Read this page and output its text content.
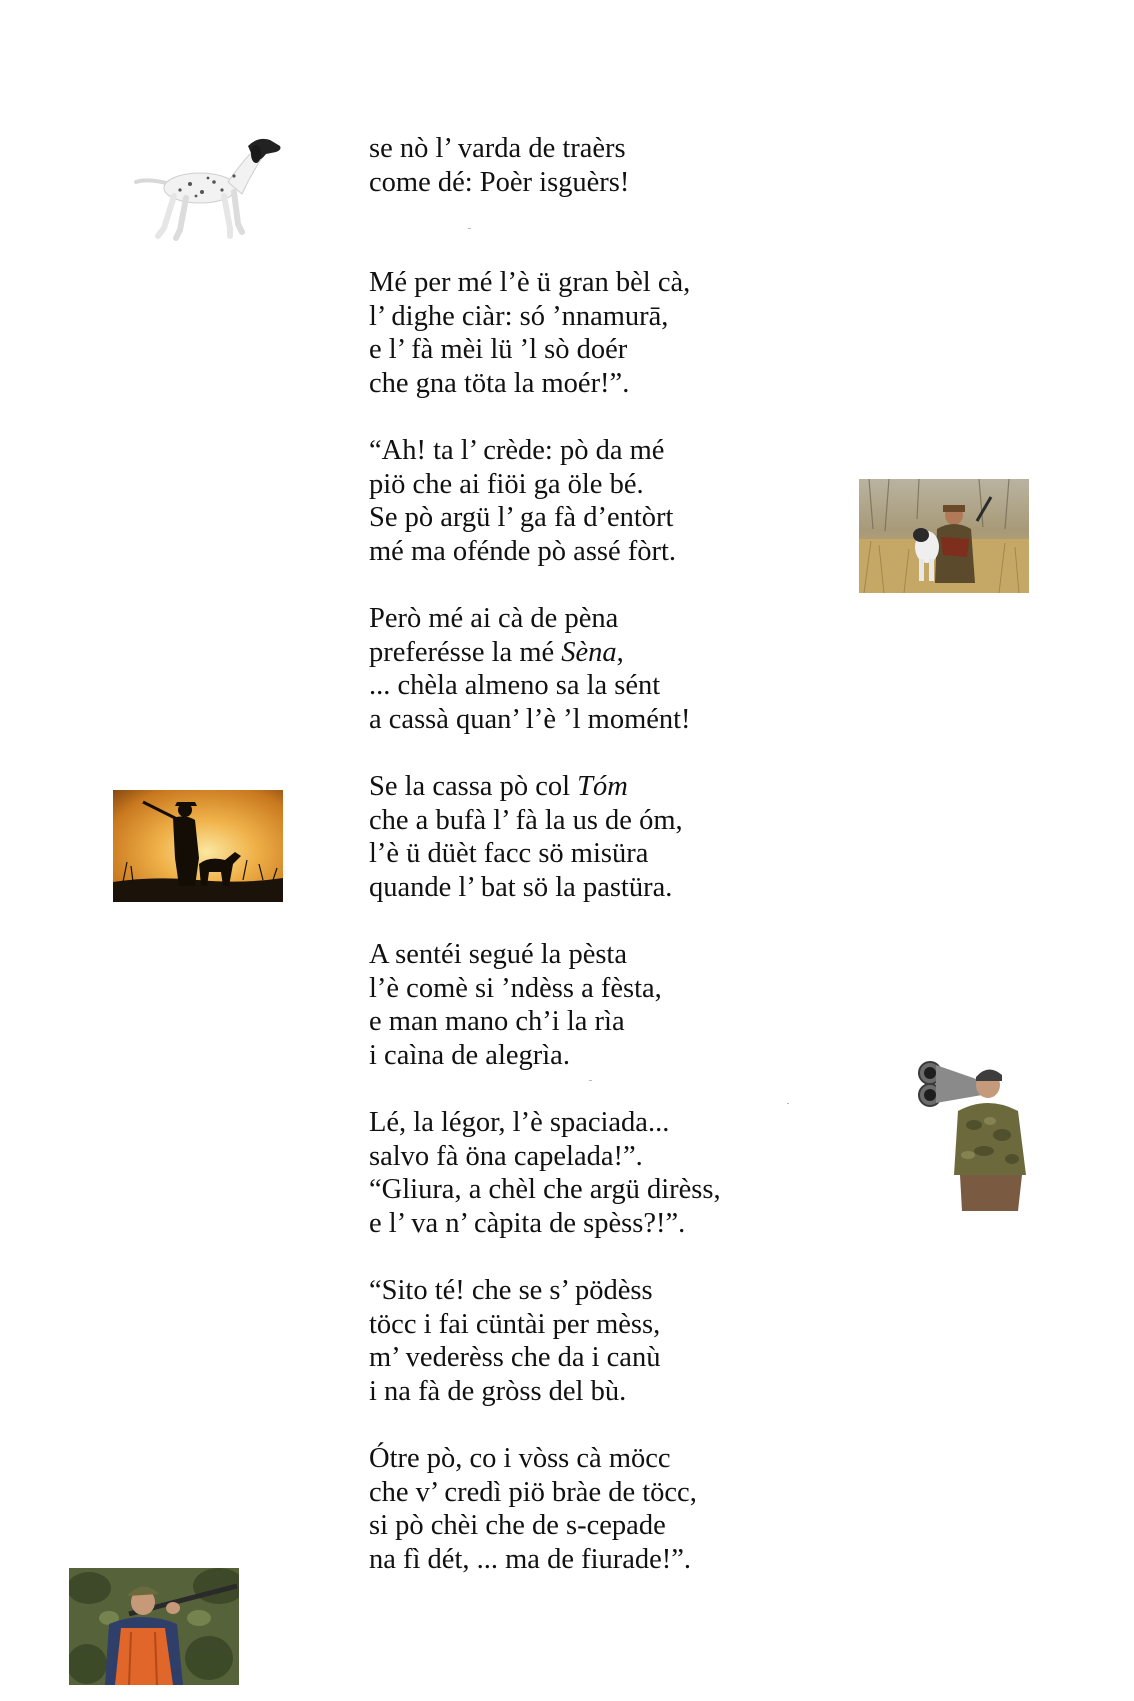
se nò l’ varda de traèrs
come dé: Poèr isguèrs!
Mé per mé l’è ü gran bèl cà,
l’ dighe ciàr: só ’nnamurā,
e l’ fà mèi lü ’l sò doér
che gna töta la moér!”.
“Ah! ta l’ crède: pò da mé
piö che ai fiöi ga öle bé.
Se pò argü l’ ga fà d’entòrt
mé ma ofénde pò assé fòrt.
Però mé ai cà de pèna
preferésse la mé Sèna,
... chèla almeno sa la sént
a cassà quan’ l’è ’l momént!
Se la cassa pò col Tóm
che a bufà l’ fà la us de óm,
l’è ü düèt facc sö misüra
quande l’ bat sö la pastüra.
A sentéi segué la pèsta
l’è comè si ’ndèss a fèsta,
e man mano ch’i la rìa
i caìna de alegrìa.
Lé, la légor, l’è spaciada...
salvo fà öna capelada!”.
“Gliura, a chèl che argü dirèss,
e l’ va n’ càpita de spèss?!”.
“Sito té! che se s’ pödèss
töcc i fai cüntài per mèss,
m’ vederèss che da i canù
i na fà de gròss del bù.
Ótre pò, co i vòss cà möcc
che v’ credì piö bràe de töcc,
si pò chèi che de s-cepade
na fì dét, ... ma de fiurade!”.
